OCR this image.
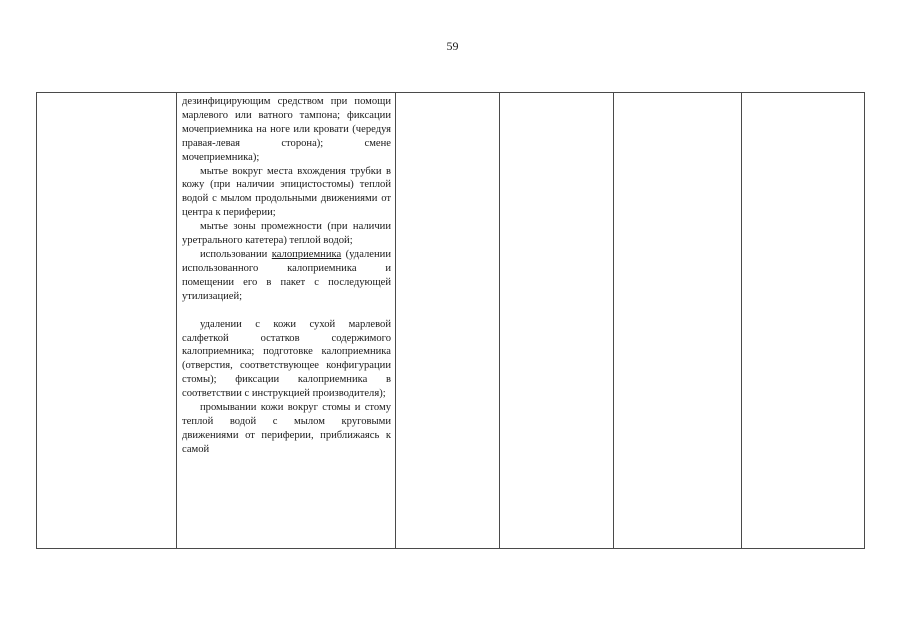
59

дезинфицирующим средством при помощи марлевого или ватного тампона; фиксации мочеприемника на ноге или кровати (чередуя правая-левая сторона); смене мочеприемника);

мытье вокруг места вхождения трубки в кожу (при наличии эпицистостомы) теплой водой с мылом продольными движениями от центра к периферии;

мытье зоны промежности (при наличии уретрального катетера) теплой водой;

использовании калоприемника (удалении использованного калоприемника и помещении его в пакет с последующей утилизацией;

удалении с кожи сухой марлевой салфеткой остатков содержимого калоприемника; подготовке калоприемника (отверстия, соответствующее конфигурации стомы); фиксации калоприемника в соответствии с инструкцией производителя);

промывании кожи вокруг стомы и стому теплой водой с мылом круговыми движениями от периферии, приближаясь к самой
